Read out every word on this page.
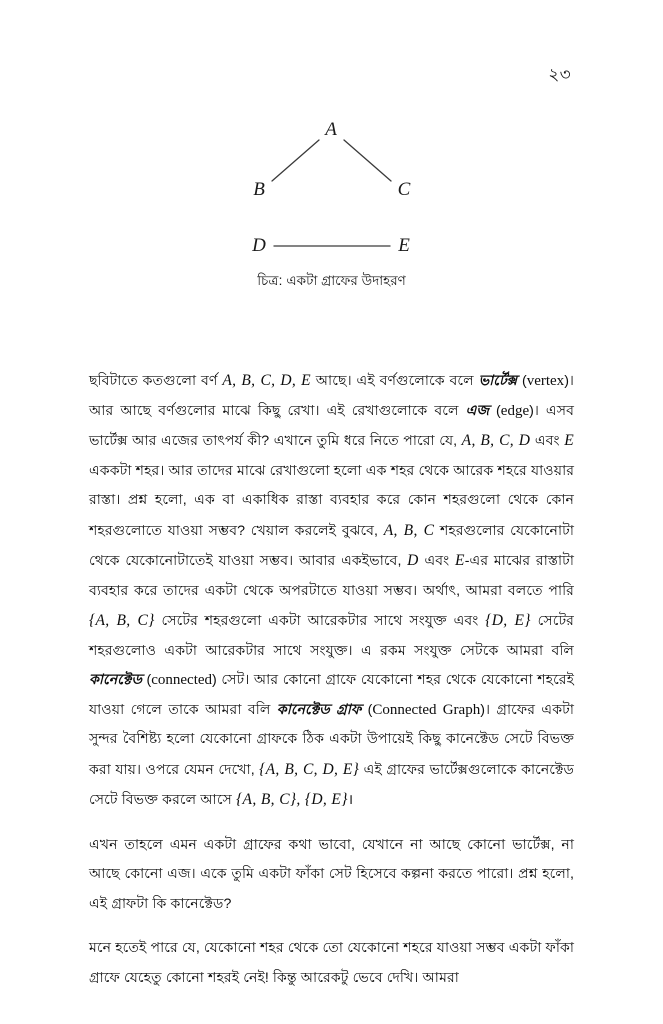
২৩
A
B	C
D	E
চিত্র: একটা গ্রাফের উদাহরণ

ছবিটাতে কতগুলো বর্ণ A, B, C, D, E আছে। এই বর্ণগুলোকে বলে ভার্টেক্স (vertex)। আর আছে বর্ণগুলোর মাঝে কিছু রেখা। এই রেখাগুলোকে বলে এজ (edge)। এসব ভার্টেক্স আর এজের তাৎপর্য কী? এখানে তুমি ধরে নিতে পারো যে, A, B, C, D এবং E এককটা শহর। আর তাদের মাঝে রেখাগুলো হলো এক শহর থেকে আরেক শহরে যাওয়ার রাস্তা। প্রশ্ন হলো, এক বা একাধিক রাস্তা ব্যবহার করে কোন শহরগুলো থেকে কোন শহরগুলোতে যাওয়া সম্ভব? খেয়াল করলেই বুঝবে, A, B, C শহরগুলোর যেকোনোটা থেকে যেকোনোটাতেই যাওয়া সম্ভব। আবার একইভাবে, D এবং E-এর মাঝের রাস্তাটা ব্যবহার করে তাদের একটা থেকে অপরটাতে যাওয়া সম্ভব। অর্থাৎ, আমরা বলতে পারি {A, B, C} সেটের শহরগুলো একটা আরেকটার সাথে সংযুক্ত এবং {D, E} সেটের শহরগুলোও একটা আরেকটার সাথে সংযুক্ত। এ রকম সংযুক্ত সেটকে আমরা বলি কানেক্টেড (connected) সেট। আর কোনো গ্রাফে যেকোনো শহর থেকে যেকোনো শহরেই যাওয়া গেলে তাকে আমরা বলি কানেক্টেড গ্রাফ (Connected Graph)। গ্রাফের একটা সুন্দর বৈশিষ্ট্য হলো যেকোনো গ্রাফকে ঠিক একটা উপায়েই কিছু কানেক্টেড সেটে বিভক্ত করা যায়। ওপরে যেমন দেখো, {A, B, C, D, E} এই গ্রাফের ভার্টেক্সগুলোকে কানেক্টেড সেটে বিভক্ত করলে আসে {A, B, C}, {D, E}।

এখন তাহলে এমন একটা গ্রাফের কথা ভাবো, যেখানে না আছে কোনো ভার্টেক্স, না আছে কোনো এজ। একে তুমি একটা ফাঁকা সেট হিসেবে কল্পনা করতে পারো। প্রশ্ন হলো, এই গ্রাফটা কি কানেক্টেড?

মনে হতেই পারে যে, যেকোনো শহর থেকে তো যেকোনো শহরে যাওয়া সম্ভব একটা ফাঁকা গ্রাফে যেহেতু কোনো শহরই নেই! কিন্তু আরেকটু ভেবে দেখি। আমরা
